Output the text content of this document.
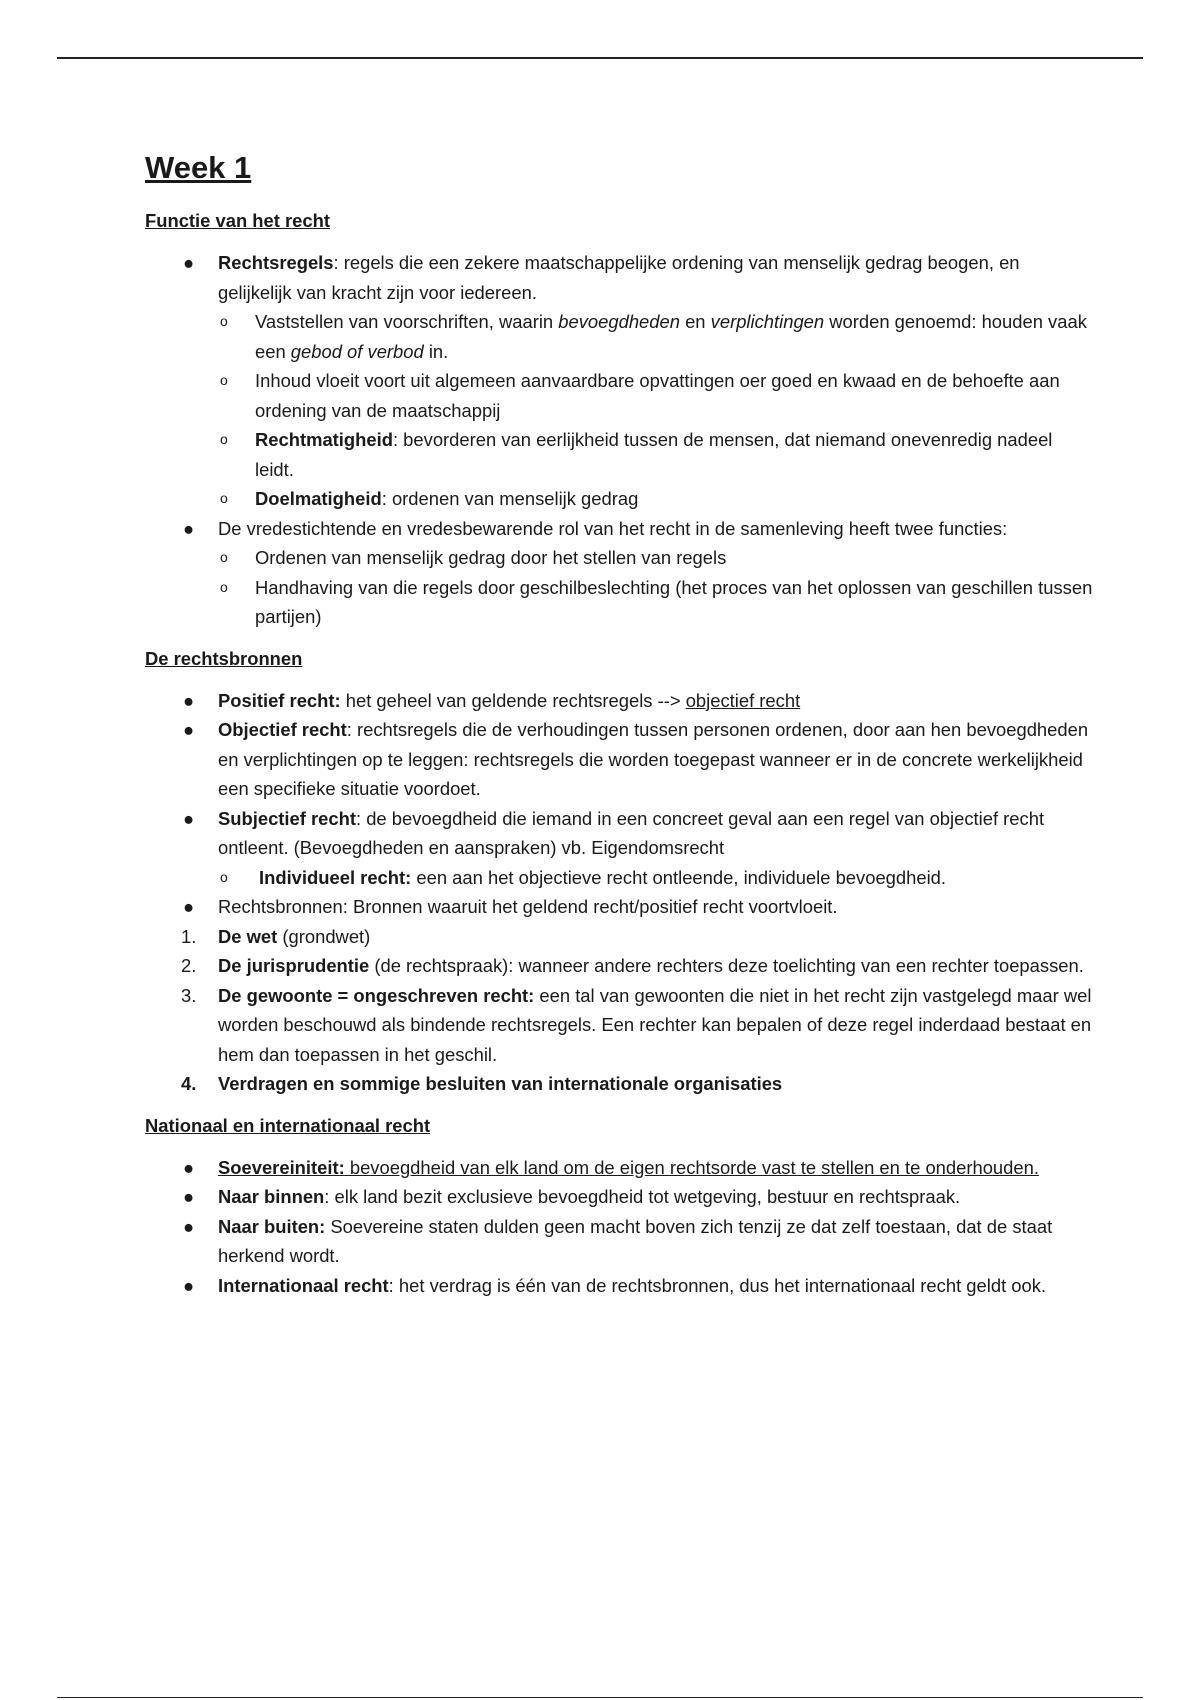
Week 1
Functie van het recht
● Rechtsregels: regels die een zekere maatschappelijke ordening van menselijk gedrag beogen, en gelijkelijk van kracht zijn voor iedereen.
o Vaststellen van voorschriften, waarin bevoegdheden en verplichtingen worden genoemd: houden vaak een gebod of verbod in.
o Inhoud vloeit voort uit algemeen aanvaardbare opvattingen oer goed en kwaad en de behoefte aan ordening van de maatschappij
o Rechtmatigheid: bevorderen van eerlijkheid tussen de mensen, dat niemand onevenredig nadeel leidt.
o Doelmatigheid: ordenen van menselijk gedrag
● De vredestichtende en vredesbewarende rol van het recht in de samenleving heeft twee functies:
o Ordenen van menselijk gedrag door het stellen van regels
o Handhaving van die regels door geschilbeslechting (het proces van het oplossen van geschillen tussen partijen)
De rechtsbronnen
● Positief recht: het geheel van geldende rechtsregels --> objectief recht
● Objectief recht: rechtsregels die de verhoudingen tussen personen ordenen, door aan hen bevoegdheden en verplichtingen op te leggen: rechtsregels die worden toegepast wanneer er in de concrete werkelijkheid een specifieke situatie voordoet.
● Subjectief recht: de bevoegdheid die iemand in een concreet geval aan een regel van objectief recht ontleent. (Bevoegdheden en aanspraken) vb. Eigendomsrecht
o Individueel recht: een aan het objectieve recht ontleende, individuele bevoegdheid.
● Rechtsbronnen: Bronnen waaruit het geldend recht/positief recht voortvloeit.
1. De wet (grondwet)
2. De jurisprudentie (de rechtspraak): wanneer andere rechters deze toelichting van een rechter toepassen.
3. De gewoonte = ongeschreven recht: een tal van gewoonten die niet in het recht zijn vastgelegd maar wel worden beschouwd als bindende rechtsregels. Een rechter kan bepalen of deze regel inderdaad bestaat en hem dan toepassen in het geschil.
4. Verdragen en sommige besluiten van internationale organisaties
Nationaal en internationaal recht
● Soevereiniteit: bevoegdheid van elk land om de eigen rechtsorde vast te stellen en te onderhouden.
● Naar binnen: elk land bezit exclusieve bevoegdheid tot wetgeving, bestuur en rechtspraak.
● Naar buiten: Soevereine staten dulden geen macht boven zich tenzij ze dat zelf toestaan, dat de staat herkend wordt.
● Internationaal recht: het verdrag is één van de rechtsbronnen, dus het internationaal recht geldt ook.
